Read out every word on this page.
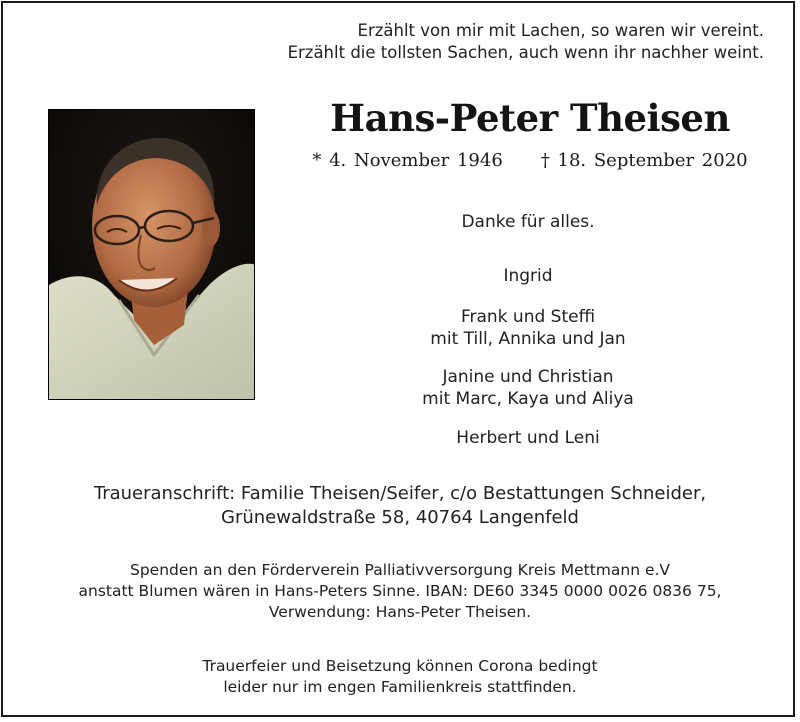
Erzählt von mir mit Lachen, so waren wir vereint.
Erzählt die tollsten Sachen, auch wenn ihr nachher weint.
Hans-Peter Theisen
* 4. November 1946 † 18. September 2020
Danke für alles.
Ingrid
Frank und Steffi
mit Till, Annika und Jan
Janine und Christian
mit Marc, Kaya und Aliya
Herbert und Leni
Traueranschrift: Familie Theisen/Seifer, c/o Bestattungen Schneider,
Grünewaldstraße 58, 40764 Langenfeld
Spenden an den Förderverein Palliativversorgung Kreis Mettmann e.V
anstatt Blumen wären in Hans-Peters Sinne. IBAN: DE60 3345 0000 0026 0836 75,
Verwendung: Hans-Peter Theisen.
Trauerfeier und Beisetzung können Corona bedingt
leider nur im engen Familienkreis stattfinden.
